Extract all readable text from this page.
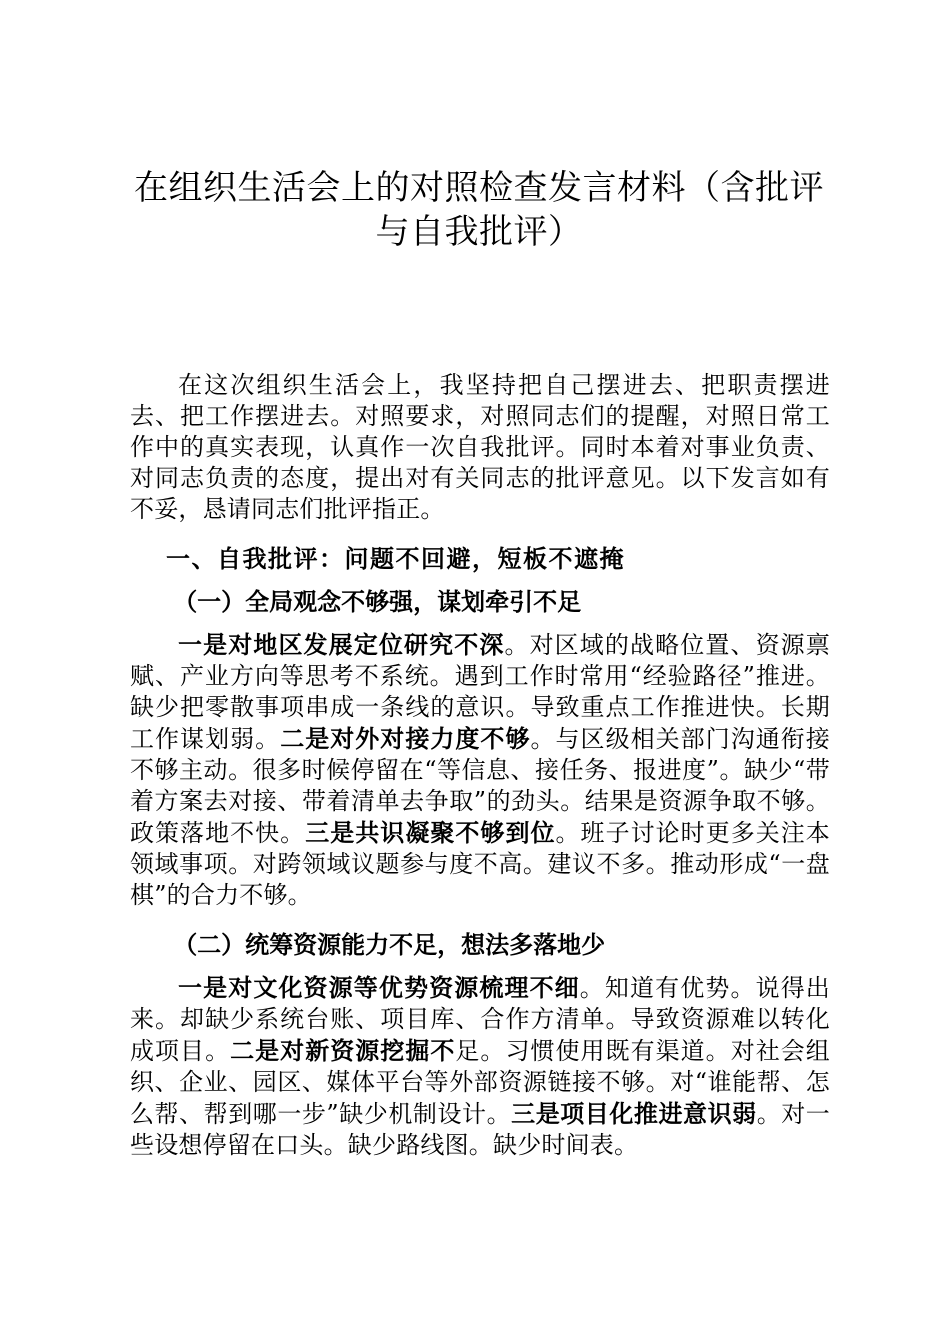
在组织生活会上的对照检查发言材料（含批评
与自我批评）

在这次组织生活会上，我坚持把自己摆进去、把职责摆进去、把工作摆进去。对照要求，对照同志们的提醒，对照日常工作中的真实表现，认真作一次自我批评。同时本着对事业负责、对同志负责的态度，提出对有关同志的批评意见。以下发言如有不妥，恳请同志们批评指正。

一、自我批评：问题不回避，短板不遮掩

（一）全局观念不够强，谋划牵引不足

一是对地区发展定位研究不深。对区域的战略位置、资源禀赋、产业方向等思考不系统。遇到工作时常用“经验路径”推进。缺少把零散事项串成一条线的意识。导致重点工作推进快。长期工作谋划弱。二是对外对接力度不够。与区级相关部门沟通衔接不够主动。很多时候停留在“等信息、接任务、报进度”。缺少“带着方案去对接、带着清单去争取”的劲头。结果是资源争取不够。政策落地不快。三是共识凝聚不够到位。班子讨论时更多关注本领域事项。对跨领域议题参与度不高。建议不多。推动形成“一盘棋”的合力不够。

（二）统筹资源能力不足，想法多落地少

一是对文化资源等优势资源梳理不细。知道有优势。说得出来。却缺少系统台账、项目库、合作方清单。导致资源难以转化成项目。二是对新资源挖掘不足。习惯使用既有渠道。对社会组织、企业、园区、媒体平台等外部资源链接不够。对“谁能帮、怎么帮、帮到哪一步”缺少机制设计。三是项目化推进意识弱。对一些设想停留在口头。缺少路线图。缺少时间表。
